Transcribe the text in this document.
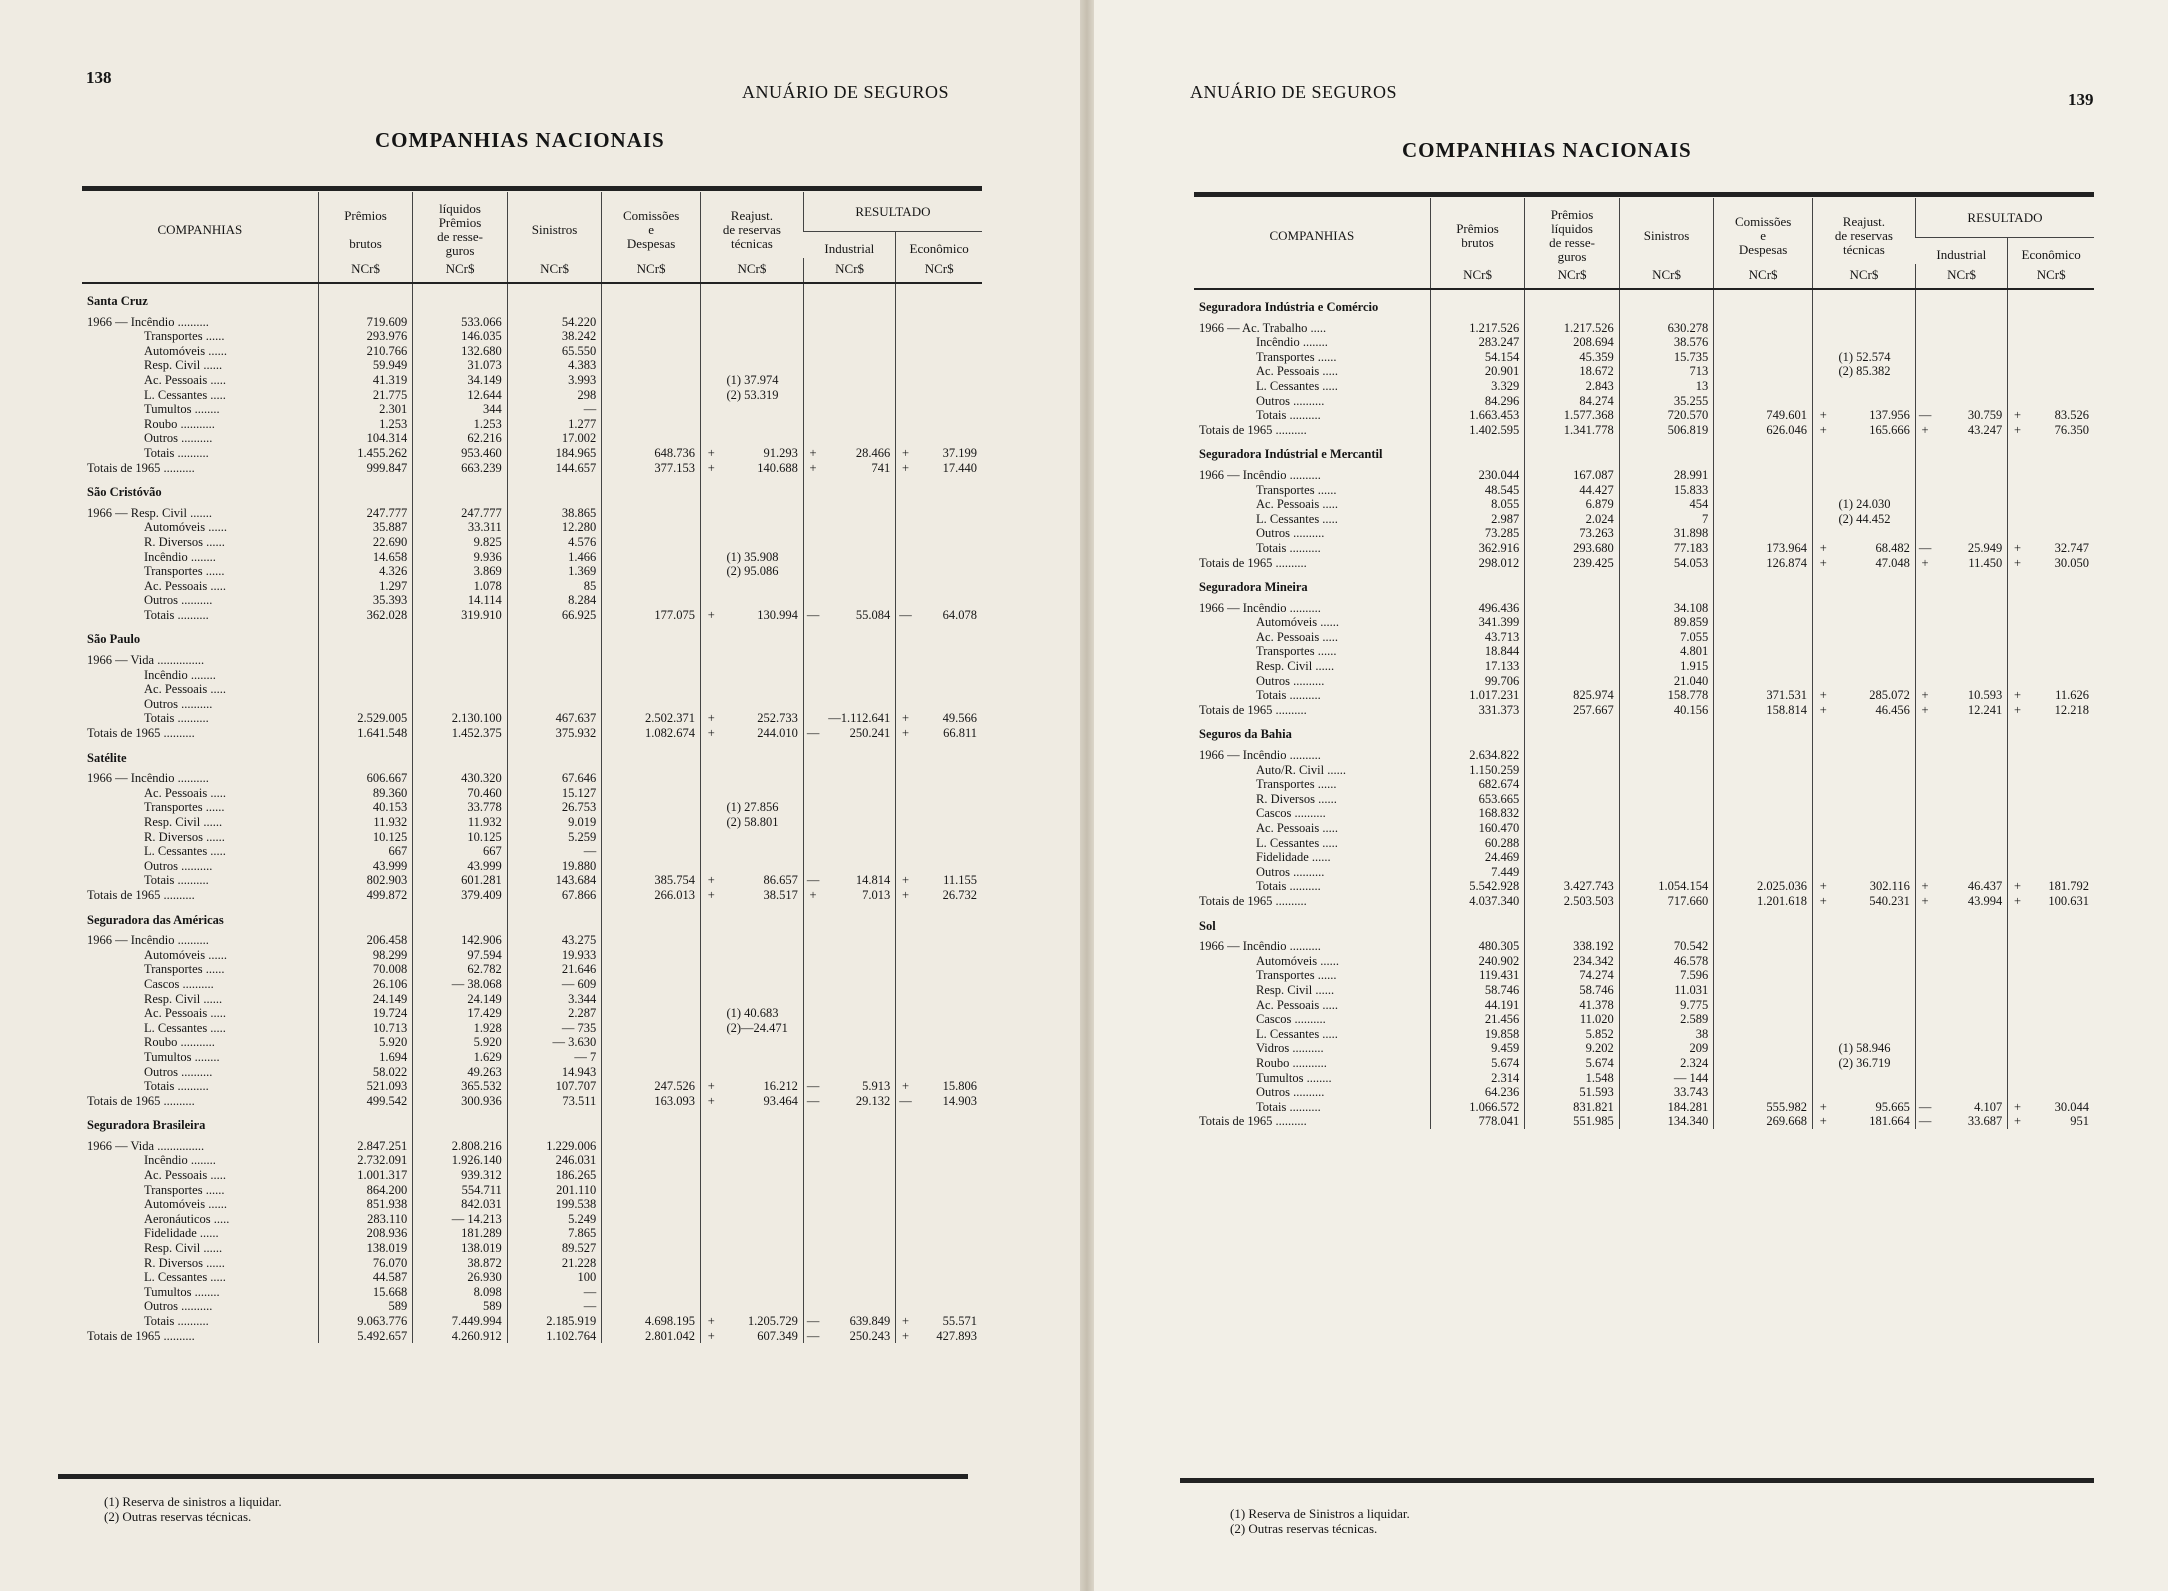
138
ANUÁRIO DE SEGUROS
COMPANHIAS NACIONAIS
COMPANHIAS	Prêmios

brutos	líquidos
Prêmios
de resse-
guros	Sinistros	Comissões
e
Despesas	Reajust.
de reservas
técnicas		RESULTADO			
							Industrial		Econômico	
	NCr$	NCr$	NCr$	NCr$	NCr$		NCr$		NCr$	
Santa Cruz										
1966 — Incêndio ..........	719.609	533.066	54.220							
Transportes ......	293.976	146.035	38.242							
Automóveis ......	210.766	132.680	65.550							
Resp. Civil ......	59.949	31.073	4.383							
Ac. Pessoais .....	41.319	34.149	3.993			(1) 37.974				
L. Cessantes .....	21.775	12.644	298			(2) 53.319				
Tumultos ........	2.301	344	—							
Roubo ...........	1.253	1.253	1.277							
Outros ..........	104.314	62.216	17.002							
Totais ..........	1.455.262	953.460	184.965	648.736	+	91.293	+	28.466	+	37.199
Totais de 1965 ..........	999.847	663.239	144.657	377.153	+	140.688	+	741	+	17.440
São Cristóvão										
1966 — Resp. Civil .......	247.777	247.777	38.865							
Automóveis ......	35.887	33.311	12.280							
R. Diversos ......	22.690	9.825	4.576							
Incêndio ........	14.658	9.936	1.466			(1) 35.908				
Transportes ......	4.326	3.869	1.369			(2) 95.086				
Ac. Pessoais .....	1.297	1.078	85							
Outros ..........	35.393	14.114	8.284							
Totais ..........	362.028	319.910	66.925	177.075	+	130.994	—	55.084	—	64.078
São Paulo										
1966 — Vida ...............										
Incêndio ........										
Ac. Pessoais .....										
Outros ..........										
Totais ..........	2.529.005	2.130.100	467.637	2.502.371	+	252.733		—1.112.641	+	49.566
Totais de 1965 ..........	1.641.548	1.452.375	375.932	1.082.674	+	244.010	—	250.241	+	66.811
Satélite										
1966 — Incêndio ..........	606.667	430.320	67.646							
Ac. Pessoais .....	89.360	70.460	15.127							
Transportes ......	40.153	33.778	26.753			(1) 27.856				
Resp. Civil ......	11.932	11.932	9.019			(2) 58.801				
R. Diversos ......	10.125	10.125	5.259							
L. Cessantes .....	667	667	—							
Outros ..........	43.999	43.999	19.880							
Totais ..........	802.903	601.281	143.684	385.754	+	86.657	—	14.814	+	11.155
Totais de 1965 ..........	499.872	379.409	67.866	266.013	+	38.517	+	7.013	+	26.732
Seguradora das Américas										
1966 — Incêndio ..........	206.458	142.906	43.275							
Automóveis ......	98.299	97.594	19.933							
Transportes ......	70.008	62.782	21.646							
Cascos ..........	26.106	— 38.068	— 609							
Resp. Civil ......	24.149	24.149	3.344							
Ac. Pessoais .....	19.724	17.429	2.287			(1) 40.683				
L. Cessantes .....	10.713	1.928	— 735			(2)—24.471				
Roubo ...........	5.920	5.920	— 3.630							
Tumultos ........	1.694	1.629	— 7							
Outros ..........	58.022	49.263	14.943							
Totais ..........	521.093	365.532	107.707	247.526	+	16.212	—	5.913	+	15.806
Totais de 1965 ..........	499.542	300.936	73.511	163.093	+	93.464	—	29.132	—	14.903
Seguradora Brasileira										
1966 — Vida ...............	2.847.251	2.808.216	1.229.006							
Incêndio ........	2.732.091	1.926.140	246.031							
Ac. Pessoais .....	1.001.317	939.312	186.265							
Transportes ......	864.200	554.711	201.110							
Automóveis ......	851.938	842.031	199.538							
Aeronáuticos .....	283.110	— 14.213	5.249							
Fidelidade ......	208.936	181.289	7.865							
Resp. Civil ......	138.019	138.019	89.527							
R. Diversos ......	76.070	38.872	21.228							
L. Cessantes .....	44.587	26.930	100							
Tumultos ........	15.668	8.098	—							
Outros ..........	589	589	—							
Totais ..........	9.063.776	7.449.994	2.185.919	4.698.195	+	1.205.729	—	639.849	+	55.571
Totais de 1965 ..........	5.492.657	4.260.912	1.102.764	2.801.042	+	607.349	—	250.243	+	427.893
(1) Reserva de sinistros a liquidar.
(2) Outras reservas técnicas.
ANUÁRIO DE SEGUROS	139
COMPANHIAS NACIONAIS
COMPANHIAS	Prêmios
brutos	Prêmios
líquidos
de resse-
guros	Sinistros	Comissões
e
Despesas	Reajust.
de reservas
técnicas		RESULTADO			
							Industrial		Econômico	
	NCr$	NCr$	NCr$	NCr$	NCr$		NCr$		NCr$	
Seguradora Indústria e Comércio										
1966 — Ac. Trabalho .....	1.217.526	1.217.526	630.278							
Incêndio ........	283.247	208.694	38.576							
Transportes ......	54.154	45.359	15.735			(1) 52.574				
Ac. Pessoais .....	20.901	18.672	713			(2) 85.382				
L. Cessantes .....	3.329	2.843	13							
Outros ..........	84.296	84.274	35.255							
Totais ..........	1.663.453	1.577.368	720.570	749.601	+	137.956	—	30.759	+	83.526
Totais de 1965 ..........	1.402.595	1.341.778	506.819	626.046	+	165.666	+	43.247	+	76.350
Seguradora Indústrial e Mercantil										
1966 — Incêndio ..........	230.044	167.087	28.991							
Transportes ......	48.545	44.427	15.833							
Ac. Pessoais .....	8.055	6.879	454			(1) 24.030				
L. Cessantes .....	2.987	2.024	7			(2) 44.452				
Outros ..........	73.285	73.263	31.898							
Totais ..........	362.916	293.680	77.183	173.964	+	68.482	—	25.949	+	32.747
Totais de 1965 ..........	298.012	239.425	54.053	126.874	+	47.048	+	11.450	+	30.050
Seguradora Mineira										
1966 — Incêndio ..........	496.436		34.108							
Automóveis ......	341.399		89.859							
Ac. Pessoais .....	43.713		7.055							
Transportes ......	18.844		4.801							
Resp. Civil ......	17.133		1.915							
Outros ..........	99.706		21.040							
Totais ..........	1.017.231	825.974	158.778	371.531	+	285.072	+	10.593	+	11.626
Totais de 1965 ..........	331.373	257.667	40.156	158.814	+	46.456	+	12.241	+	12.218
Seguros da Bahia										
1966 — Incêndio ..........	2.634.822									
Auto/R. Civil ......	1.150.259									
Transportes ......	682.674									
R. Diversos ......	653.665									
Cascos ..........	168.832									
Ac. Pessoais .....	160.470									
L. Cessantes .....	60.288									
Fidelidade ......	24.469									
Outros ..........	7.449									
Totais ..........	5.542.928	3.427.743	1.054.154	2.025.036	+	302.116	+	46.437	+	181.792
Totais de 1965 ..........	4.037.340	2.503.503	717.660	1.201.618	+	540.231	+	43.994	+	100.631
Sol										
1966 — Incêndio ..........	480.305	338.192	70.542							
Automóveis ......	240.902	234.342	46.578							
Transportes ......	119.431	74.274	7.596							
Resp. Civil ......	58.746	58.746	11.031							
Ac. Pessoais .....	44.191	41.378	9.775							
Cascos ..........	21.456	11.020	2.589							
L. Cessantes .....	19.858	5.852	38							
Vidros ..........	9.459	9.202	209			(1) 58.946				
Roubo ...........	5.674	5.674	2.324			(2) 36.719				
Tumultos ........	2.314	1.548	— 144							
Outros ..........	64.236	51.593	33.743							
Totais ..........	1.066.572	831.821	184.281	555.982	+	95.665	—	4.107	+	30.044
Totais de 1965 ..........	778.041	551.985	134.340	269.668	+	181.664	—	33.687	+	951
(1) Reserva de Sinistros a liquidar.
(2) Outras reservas técnicas.
